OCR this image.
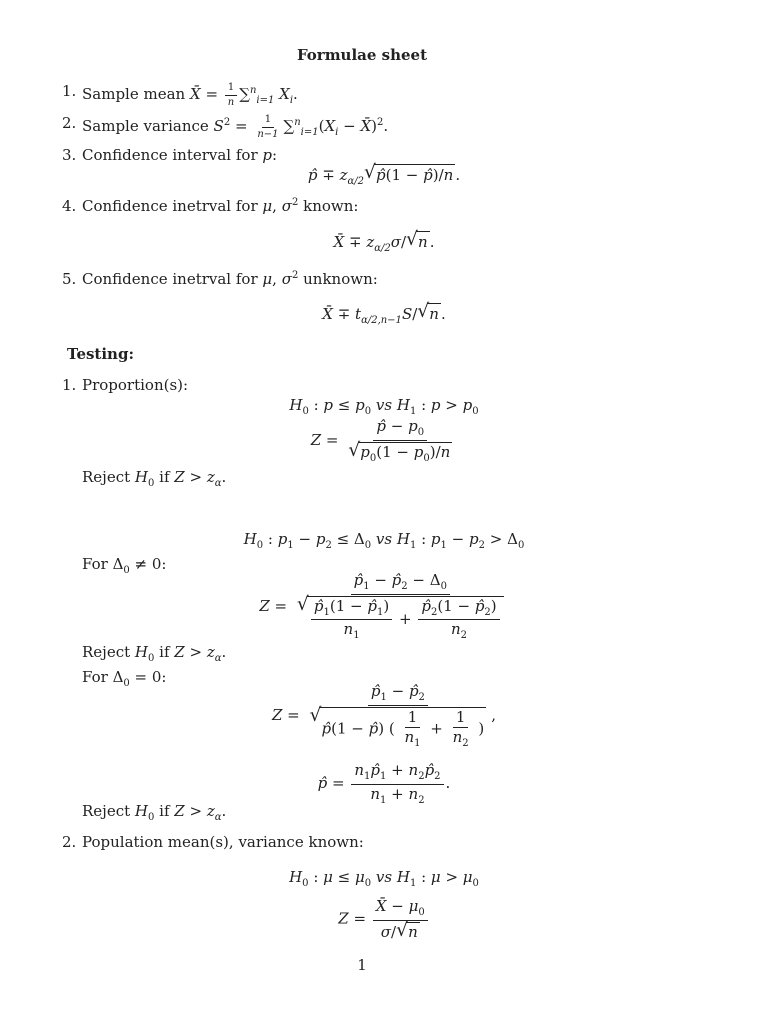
Formulae sheet
1. Sample mean X̄ = $\frac{1}{n} \sum^n_{i=1}$ $X_i$.
2. Sample variance $S^2 = \frac{1}{n-1} \sum^n_{i=1}(X_i$ − X̄)$^2$.
3. Confidence interval for p:
p̂ ∓ $z_{\alpha/2}$ √ p̂(1 − p̂)/n .
4. Confidence inetrval for μ, $\sigma^2$ known:
X̄ ∓ $z_{\alpha/2}\sigma/$ √ n .
5. Confidence inetrval for μ, $\sigma^2$ unknown:
X̄ ∓ $t_{\alpha/2,n-1}S/$ √ n .
Testing:
1. Proportion(s):
$H_0$ : $p \le p_0$ vs $H_1$ : $p > p_0$
$Z = \frac{p̂ - p_0}{√ p_0(1 - p_0)/n}$
Reject $H_0$ if $Z > z_\alpha$.
$H_0$ : $p_1 - p_2 \le \Delta_0$ vs $H_1$ : $p_1 - p_2 > \Delta_0$
For $\Delta_0 \ne 0$:
$Z = \frac{p̂_1 - p̂_2 - \Delta_0}{√ \frac{p̂_1(1 - p̂_1)}{n_1} + \frac{p̂_2(1 - p̂_2)}{n_2}}$
Reject $H_0$ if $Z > z_\alpha$.
For $\Delta_0 = 0$:
$Z = p̂_1$ − $p̂_2$
√
p̂(1 − p̂) ( $\frac{1}{n_1} + \frac{1}{n_2}$ ) ,
p̂ = $\frac{n_1p̂_1 + n_2p̂_2}{n_1 + n_2}$ .
Reject $H_0$ if $Z > z_\alpha$.
2. Population mean(s), variance known:
$H_0$ : $\mu \le \mu_0$ vs $H_1$ : $\mu > \mu_0$
$Z = \frac{X̄ - \mu_0}{\sigma/ √ n}$
1
